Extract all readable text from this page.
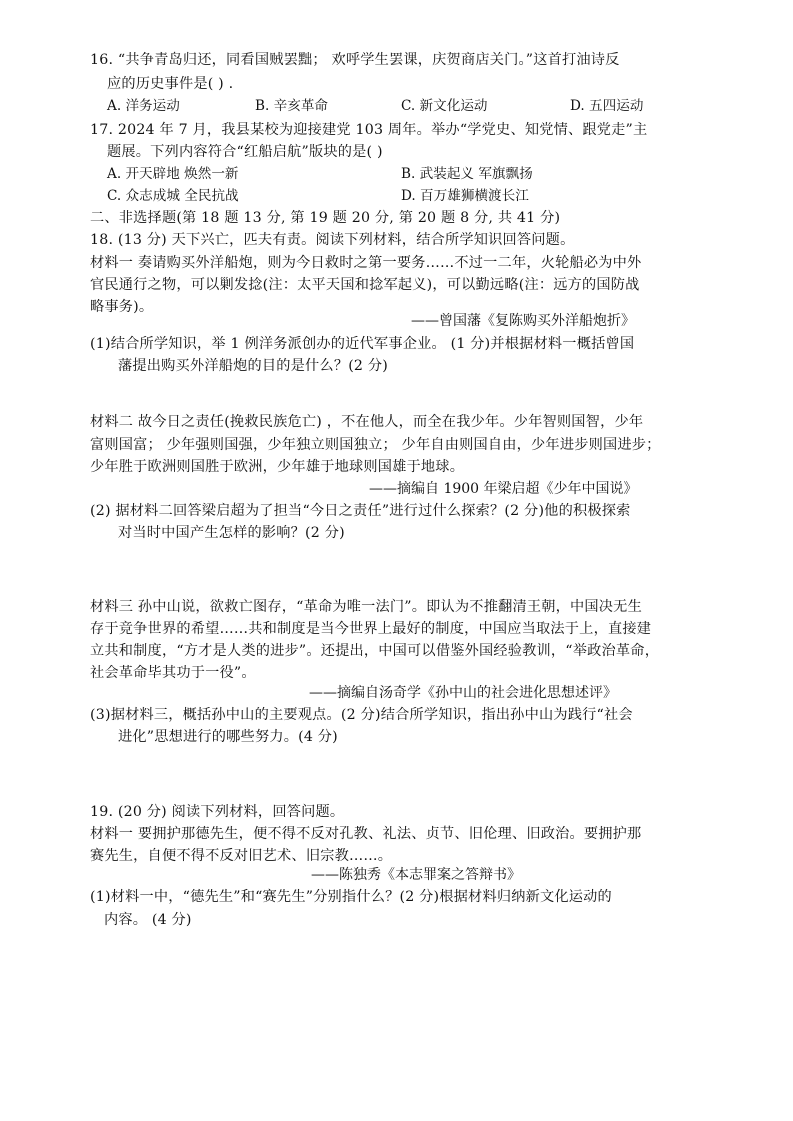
16. “共争青岛归还，同看国贼罢黜； 欢呼学生罢课，庆贺商店关门。”这首打油诗反
应的历史事件是( ) .
A. 洋务运动	B. 辛亥革命	C. 新文化运动	D. 五四运动
17. 2024 年 7 月，我县某校为迎接建党 103 周年。举办“学党史、知党情、跟党走”主
题展。下列内容符合“红船启航”版块的是( )
A. 开天辟地 焕然一新	B. 武装起义 军旗飘扬
C. 众志成城 全民抗战	D. 百万雄狮横渡长江
二、非选择题(第 18 题 13 分, 第 19 题 20 分, 第 20 题 8 分, 共 41 分)
18. (13 分) 天下兴亡，匹夫有责。阅读下列材料，结合所学知识回答问题。
材料一 奏请购买外洋船炮，则为今日救时之第一要务……不过一二年，火轮船必为中外
官民通行之物，可以剿发捻(注：太平天国和捻军起义)，可以勤远略(注：远方的国防战
略事务)。
——曾国藩《复陈购买外洋船炮折》
(1)结合所学知识，举 1 例洋务派创办的近代军事企业。 (1 分)并根据材料一概括曾国
藩提出购买外洋船炮的目的是什么？(2 分)
材料二 故今日之责任(挽救民族危亡) ，不在他人，而全在我少年。少年智则国智，少年
富则国富； 少年强则国强，少年独立则国独立； 少年自由则国自由，少年进步则国进步；
少年胜于欧洲则国胜于欧洲，少年雄于地球则国雄于地球。
——摘编自 1900 年梁启超《少年中国说》
(2) 据材料二回答梁启超为了担当“今日之责任”进行过什么探索？(2 分)他的积极探索
对当时中国产生怎样的影响？(2 分)
材料三 孙中山说，欲救亡图存，“革命为唯一法门”。即认为不推翻清王朝，中国决无生
存于竞争世界的希望……共和制度是当今世界上最好的制度，中国应当取法于上，直接建
立共和制度，“方才是人类的进步”。还提出，中国可以借鉴外国经验教训，“举政治革命，
社会革命毕其功于一役”。
——摘编自汤奇学《孙中山的社会进化思想述评》
(3)据材料三，概括孙中山的主要观点。(2 分)结合所学知识，指出孙中山为践行“社会
进化”思想进行的哪些努力。(4 分)
19. (20 分) 阅读下列材料，回答问题。
材料一 要拥护那德先生，便不得不反对孔教、礼法、贞节、旧伦理、旧政治。要拥护那
赛先生，自便不得不反对旧艺术、旧宗教……。
——陈独秀《本志罪案之答辩书》
(1)材料一中，“德先生”和“赛先生”分别指什么？(2 分)根据材料归纳新文化运动的
内容。 (4 分)
